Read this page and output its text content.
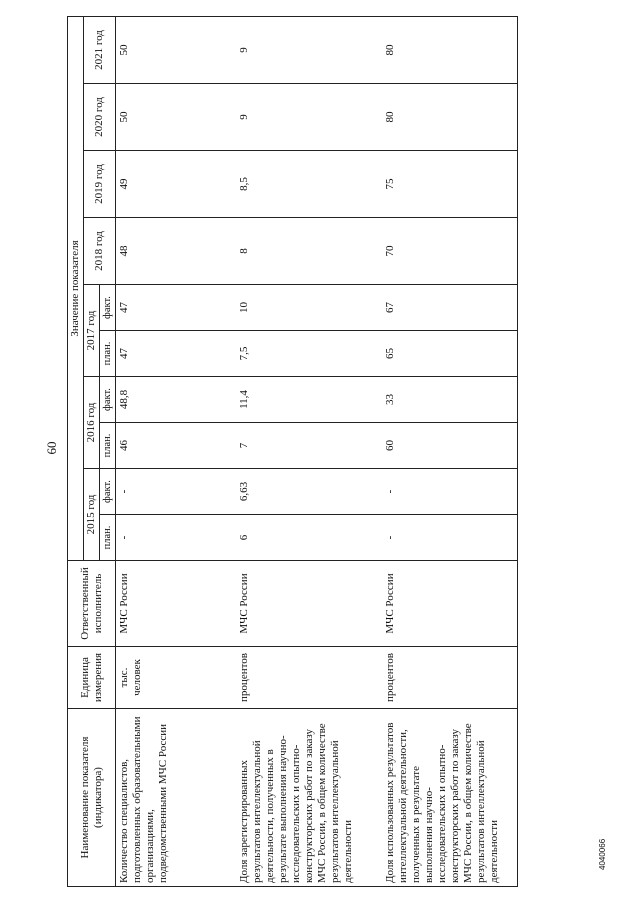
60
4040066
Наименование показателя (индикатора)	Единица измерения	Ответственный исполнитель	Значение показателя									
			2015 год		2016 год		2017 год		2018 год	2019 год	2020 год	2021 год
			план.	факт.	план.	факт.	план.	факт.				
Количество специалистов, подготовленных образовательными организациями, подведомственными МЧС России	тыс. человек	МЧС России	-	-	46	48,8	47	47	48	49	50	50
Доля зарегистрированных результатов интеллектуальной деятельности, полученных в результате выполнения научно-исследовательских и опытно-конструкторских работ по заказу МЧС России, в общем количестве результатов интеллектуальной деятельности	процентов	МЧС России	6	6,63	7	11,4	7,5	10	8	8,5	9	9
Доля использованных результатов интеллектуальной деятельности, полученных в результате выполнения научно-исследовательских и опытно-конструкторских работ по заказу МЧС России, в общем количестве результатов интеллектуальной деятельности	процентов	МЧС России	-	-	60	33	65	67	70	75	80	80
